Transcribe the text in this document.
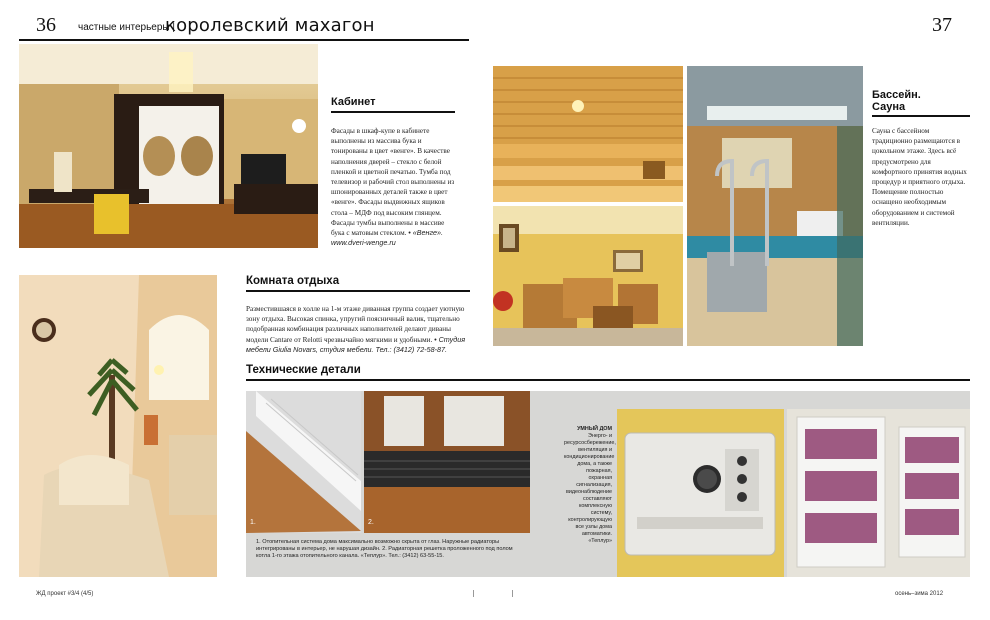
36 частные интерьеры |
королевский махагон	37
Кабинет
Фасады в шкаф-купе в кабинете выполнены из массива бука и тонированы в цвет «венге». В качестве наполнения дверей – стекло с белой пленкой и цветной печатью. Тумба под телевизор и рабочий стол выполнены из шпонированных деталей также в цвет «венге». Фасады выдвижных ящиков стола – МДФ под высоким глянцем. Фасады тумбы выполнены в массиве бука с матовым стеклом. • «Венге». www.dveri-wenge.ru
Комната отдыха
Разместившаяся в холле на 1-м этаже диванная группа создает уютную зону отдыха. Высокая спинка, упругий поясничный валик, тщательно подобранная комбинация различных наполнителей делают диваны модели Cantare от Relotti чрезвычайно мягкими и удобными. • Студия мебели Giulia Novars, студия мебели. Тел.: (3412) 72-58-87.
Бассейн.
Сауна
Сауна с бассейном традиционно размещаются в цокольном этаже. Здесь всё предусмотрено для комфортного принятия водных процедур и приятного отдыха. Помещение полностью оснащено необходимым оборудованием и системой вентиляции.
Технические детали
1.	2.
1. Отопительная система дома максимально возможно скрыта от глаз. Наружные радиаторы интегрированы в интерьер, не нарушая дизайн. 2. Радиаторная решетка проложенного под полом котла 1-го этажа отопительного канала. «Теплур». Тел.: (3412) 63-55-15.
УМНЫЙ ДОМ
Энерго- и ресурсосбережение, вентиляция и кондиционирование дома, а также пожарная, охранная сигнализация, видеонаблюдение составляют комплексную систему, контролирующую все узлы дома автоматики.
«Теплур»
ЖД проект #3/4 (4/5)	осень–зима 2012
